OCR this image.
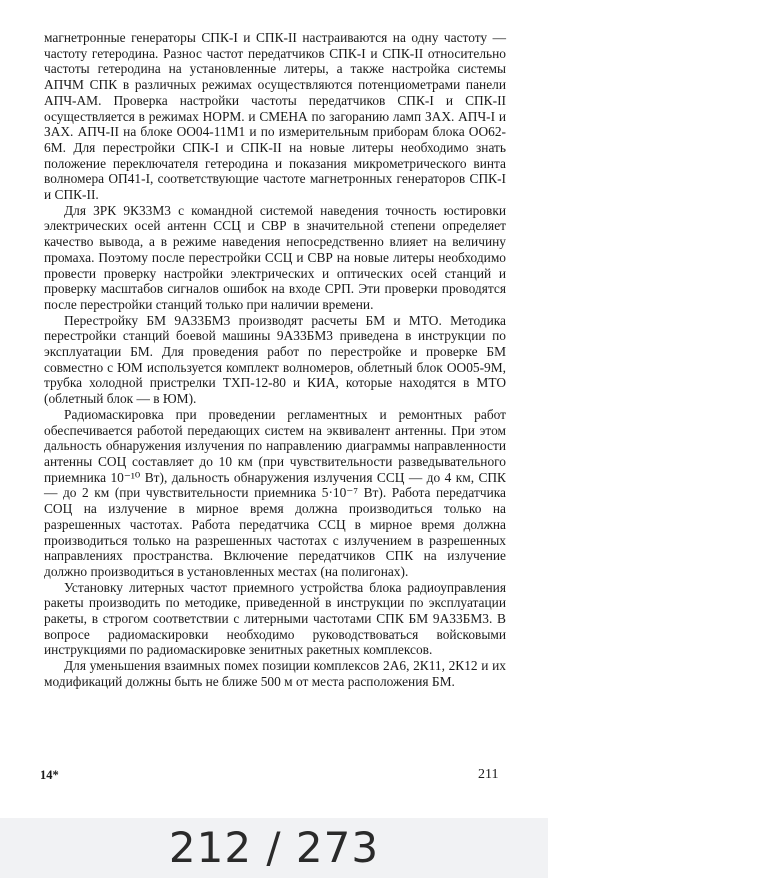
магнетронные генераторы СПК-I и СПК-II настраиваются на одну частоту — частоту гетеродина. Разнос частот передатчиков СПК-I и СПК-II относительно частоты гетеродина на установленные литеры, а также настройка системы АПЧМ СПК в различных режимах осуществляются потенциометрами панели АПЧ-АМ. Проверка настройки частоты передатчиков СПК-I и СПК-II осуществляется в режимах НОРМ. и СМЕНА по загоранию ламп ЗАХ. АПЧ-I и ЗАХ. АПЧ-II на блоке ОО04-11М1 и по измерительным приборам блока ОО62-6М. Для перестройки СПК-I и СПК-II на новые литеры необходимо знать положение переключателя гетеродина и показания микрометрического винта волномера ОП41-I, соответствующие частоте магнетронных генераторов СПК-I и СПК-II.

Для ЗРК 9К33М3 с командной системой наведения точность юстировки электрических осей антенн ССЦ и СВР в значительной степени определяет качество вывода, а в режиме наведения непосредственно влияет на величину промаха. Поэтому после перестройки ССЦ и СВР на новые литеры необходимо провести проверку настройки электрических и оптических осей станций и проверку масштабов сигналов ошибок на входе СРП. Эти проверки проводятся после перестройки станций только при наличии времени.

Перестройку БМ 9А33БМ3 производят расчеты БМ и МТО. Методика перестройки станций боевой машины 9А33БМ3 приведена в инструкции по эксплуатации БМ. Для проведения работ по перестройке и проверке БМ совместно с ЮМ используется комплект волномеров, облетный блок ОО05-9М, трубка холодной пристрелки ТХП-12-80 и КИА, которые находятся в МТО (облетный блок — в ЮМ).

Радиомаскировка при проведении регламентных и ремонтных работ обеспечивается работой передающих систем на эквивалент антенны. При этом дальность обнаружения излучения по направлению диаграммы направленности антенны СОЦ составляет до 10 км (при чувствительности разведывательного приемника 10⁻¹⁰ Вт), дальность обнаружения излучения ССЦ — до 4 км, СПК — до 2 км (при чувствительности приемника 5·10⁻⁷ Вт). Работа передатчика СОЦ на излучение в мирное время должна производиться только на разрешенных частотах. Работа передатчика ССЦ в мирное время должна производиться только на разрешенных частотах с излучением в разрешенных направлениях пространства. Включение передатчиков СПК на излучение должно производиться в установленных местах (на полигонах).

Установку литерных частот приемного устройства блока радиоуправления ракеты производить по методике, приведенной в инструкции по эксплуатации ракеты, в строгом соответствии с литерными частотами СПК БМ 9А33БМ3. В вопросе радиомаскировки необходимо руководствоваться войсковыми инструкциями по радиомаскировке зенитных ракетных комплексов.

Для уменьшения взаимных помех позиции комплексов 2А6, 2К11, 2К12 и их модификаций должны быть не ближе 500 м от места расположения БМ.

14*	211
212 / 273
